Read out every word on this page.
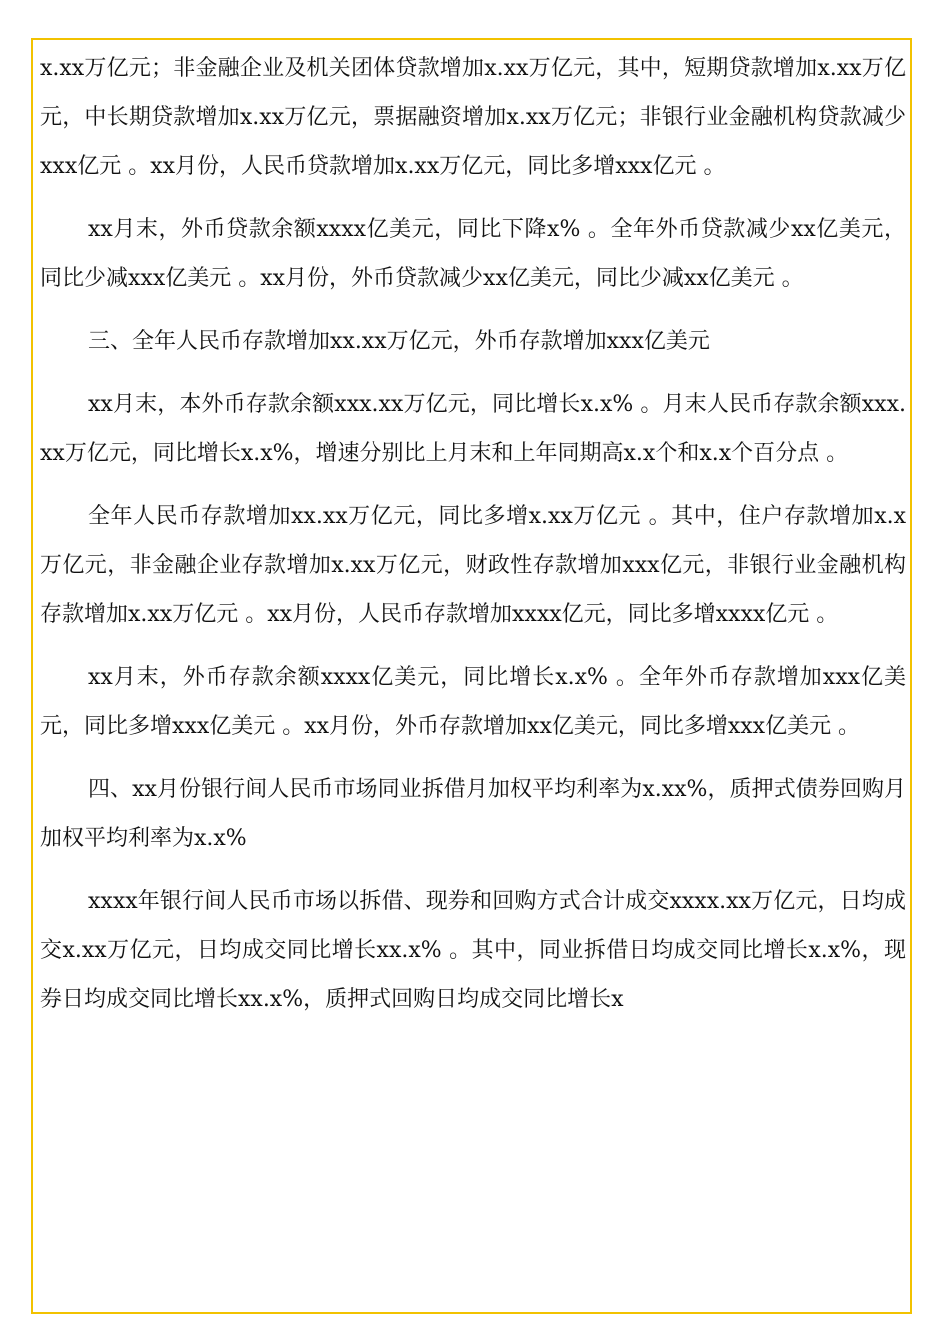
x.xx万亿元；非金融企业及机关团体贷款增加x.xx万亿元，其中，短期贷款增加x.xx万亿元，中长期贷款增加x.xx万亿元，票据融资增加x.xx万亿元；非银行业金融机构贷款减少xxx亿元 。xx月份，人民币贷款增加x.xx万亿元，同比多增xxx亿元 。

xx月末，外币贷款余额xxxx亿美元，同比下降x% 。全年外币贷款减少xx亿美元，同比少减xxx亿美元 。xx月份，外币贷款减少xx亿美元，同比少减xx亿美元 。

三、全年人民币存款增加xx.xx万亿元，外币存款增加xxx亿美元

xx月末，本外币存款余额xxx.xx万亿元，同比增长x.x% 。月末人民币存款余额xxx.xx万亿元，同比增长x.x%，增速分别比上月末和上年同期高x.x个和x.x个百分点 。

全年人民币存款增加xx.xx万亿元，同比多增x.xx万亿元 。其中，住户存款增加x.x万亿元，非金融企业存款增加x.xx万亿元，财政性存款增加xxx亿元，非银行业金融机构存款增加x.xx万亿元 。xx月份，人民币存款增加xxxx亿元，同比多增xxxx亿元 。

xx月末，外币存款余额xxxx亿美元，同比增长x.x% 。全年外币存款增加xxx亿美元，同比多增xxx亿美元 。xx月份，外币存款增加xx亿美元，同比多增xxx亿美元 。

四、xx月份银行间人民币市场同业拆借月加权平均利率为x.xx%，质押式债券回购月加权平均利率为x.x%

xxxx年银行间人民币市场以拆借、现券和回购方式合计成交xxxx.xx万亿元，日均成交x.xx万亿元，日均成交同比增长xx.x% 。其中，同业拆借日均成交同比增长x.x%，现券日均成交同比增长xx.x%，质押式回购日均成交同比增长x
